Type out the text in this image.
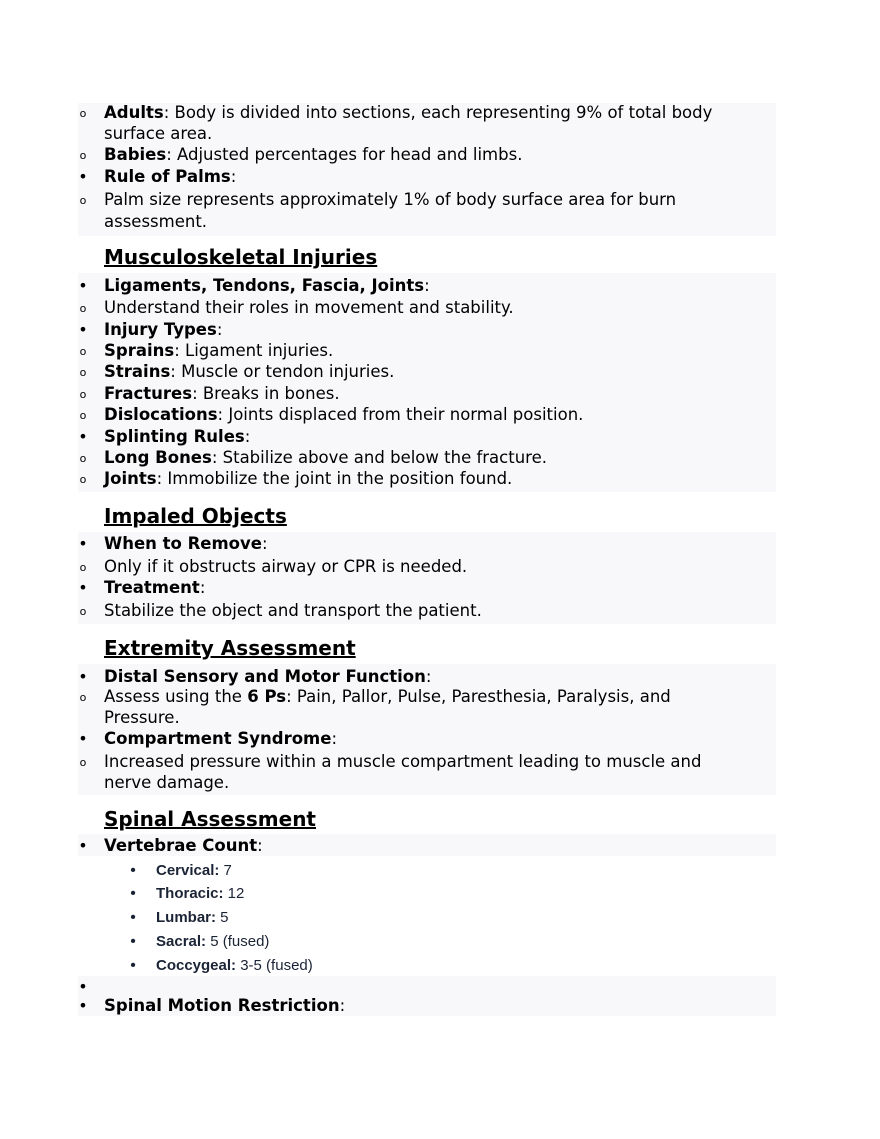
o Adults: Body is divided into sections, each representing 9% of total body
surface area.
o Babies: Adjusted percentages for head and limbs.
• Rule of Palms:
o Palm size represents approximately 1% of body surface area for burn
assessment.
Musculoskeletal Injuries
• Ligaments, Tendons, Fascia, Joints:
o Understand their roles in movement and stability.
• Injury Types:
o Sprains: Ligament injuries.
o Strains: Muscle or tendon injuries.
o Fractures: Breaks in bones.
o Dislocations: Joints displaced from their normal position.
• Splinting Rules:
o Long Bones: Stabilize above and below the fracture.
o Joints: Immobilize the joint in the position found.
Impaled Objects
• When to Remove:
o Only if it obstructs airway or CPR is needed.
• Treatment:
o Stabilize the object and transport the patient.
Extremity Assessment
• Distal Sensory and Motor Function:
o Assess using the 6 Ps: Pain, Pallor, Pulse, Paresthesia, Paralysis, and
Pressure.
• Compartment Syndrome:
o Increased pressure within a muscle compartment leading to muscle and
nerve damage.
Spinal Assessment
• Vertebrae Count:
• Cervical: 7
• Thoracic: 12
• Lumbar: 5
• Sacral: 5 (fused)
• Coccygeal: 3-5 (fused)
•
• Spinal Motion Restriction:
